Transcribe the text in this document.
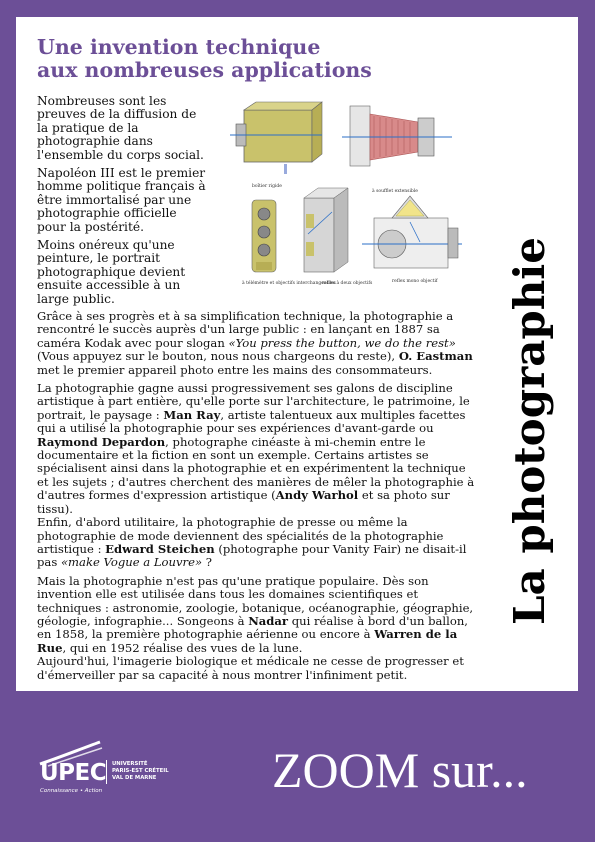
Une invention technique
aux nombreuses applications

Nombreuses sont les preuves de la diffusion de la pratique de la photographie dans l'ensemble du corps social.

Napoléon III est le premier homme politique français à être immortalisé par une photographie officielle pour la postérité.

Moins onéreux qu'une peinture, le portrait photographique devient ensuite accessible à un large public.

boîtier rigide
à soufflet extensible
à télémètre et objectifs interchangeables
reflex à deux objectifs	reflex mono objectif

Grâce à ses progrès et à sa simplification technique, la photographie a rencontré le succès auprès d'un large public : en lançant en 1887 sa caméra Kodak avec pour slogan «You press the button, we do the rest» (Vous appuyez sur le bouton, nous nous chargeons du reste), O. Eastman met le premier appareil photo entre les mains des consommateurs.

La photographie gagne aussi progressivement ses galons de discipline artistique à part entière, qu'elle porte sur l'architecture, le patrimoine, le portrait, le paysage : Man Ray, artiste talentueux aux multiples facettes qui a utilisé la photographie pour ses expériences d'avant-garde ou Raymond Depardon, photographe cinéaste à mi-chemin entre le documentaire et la fiction en sont un exemple. Certains artistes se spécialisent ainsi dans la photographie et en expérimentent la technique et les sujets ; d'autres cherchent des manières de mêler la photographie à d'autres formes d'expression artistique (Andy Warhol et sa photo sur tissu).
Enfin, d'abord utilitaire, la photographie de presse ou même la photographie de mode deviennent des spécialités de la photographie artistique : Edward Steichen (photographe pour Vanity Fair) ne disait-il pas «make Vogue a Louvre» ?

Mais la photographie n'est pas qu'une pratique populaire. Dès son invention elle est utilisée dans tous les domaines scientifiques et techniques : astronomie, zoologie, botanique, océanographie, géographie, géologie, infographie... Songeons à Nadar qui réalise à bord d'un ballon, en 1858, la première photographie aérienne ou encore à Warren de la Rue, qui en 1952 réalise des vues de la lune.
Aujourd'hui, l'imagerie biologique et médicale ne cesse de progresser et d'émerveiller par sa capacité à nous montrer l'infiniment petit.

La photographie
UPEC
Connaissance • Action
UNIVERSITÉ
PARIS-EST CRÉTEIL
VAL DE MARNE ZOOM sur...
